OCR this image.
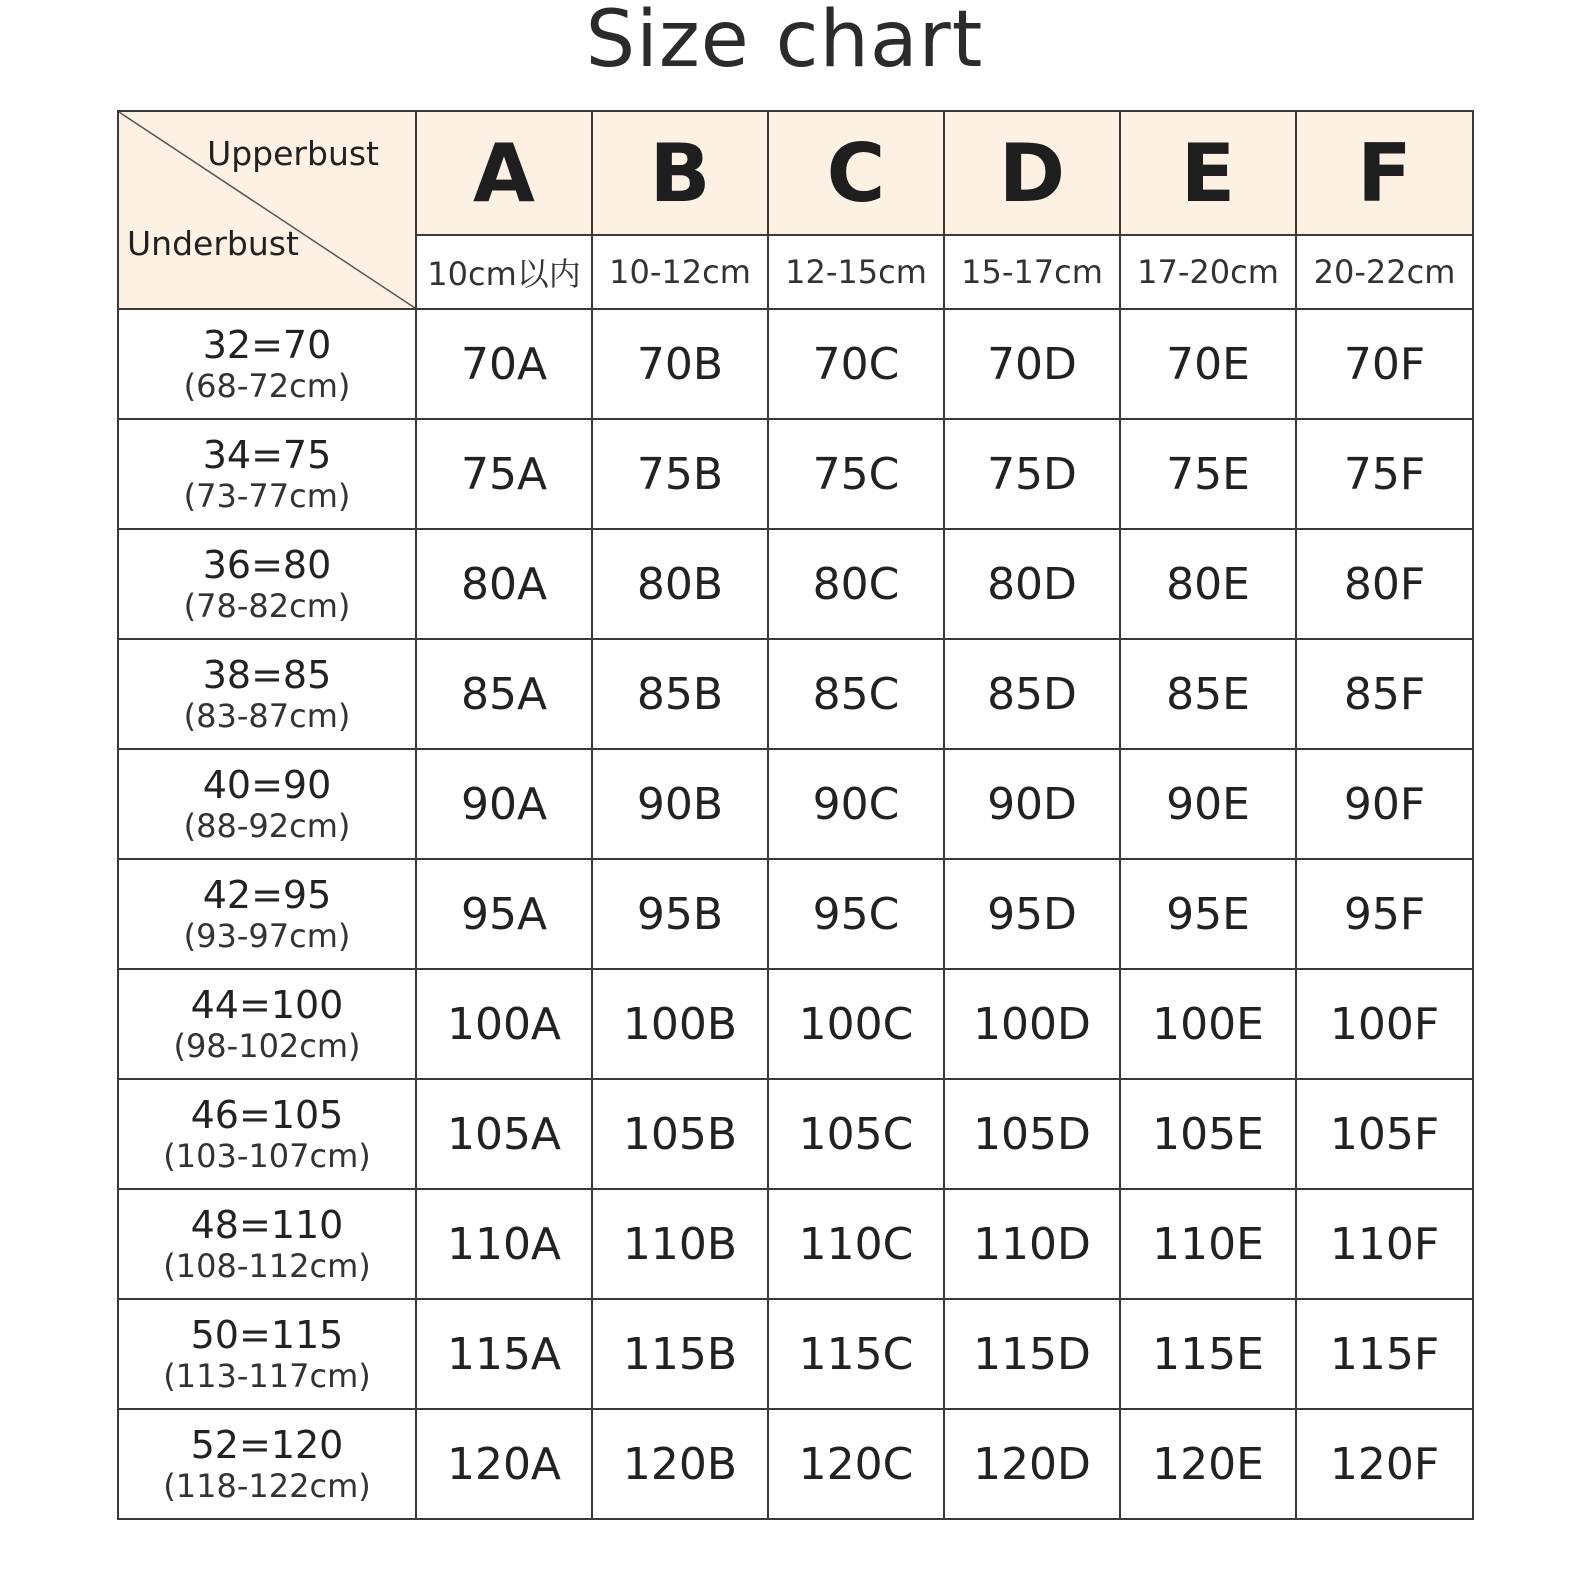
Size chart
Upperbust
Underbust	A	B	C	D	E	F
	10cm以内	10-12cm	12-15cm	15-17cm	17-20cm	20-22cm

32=70
(68-72cm)	70A	70B	70C	70D	70E	70F

34=75
(73-77cm)	75A	75B	75C	75D	75E	75F

36=80
(78-82cm)	80A	80B	80C	80D	80E	80F

38=85
(83-87cm)	85A	85B	85C	85D	85E	85F

40=90
(88-92cm)	90A	90B	90C	90D	90E	90F

42=95
(93-97cm)	95A	95B	95C	95D	95E	95F

44=100
(98-102cm)	100A	100B	100C	100D	100E	100F

46=105
(103-107cm)	105A	105B	105C	105D	105E	105F

48=110
(108-112cm)	110A	110B	110C	110D	110E	110F

50=115
(113-117cm)	115A	115B	115C	115D	115E	115F

52=120
(118-122cm)	120A	120B	120C	120D	120E	120F
